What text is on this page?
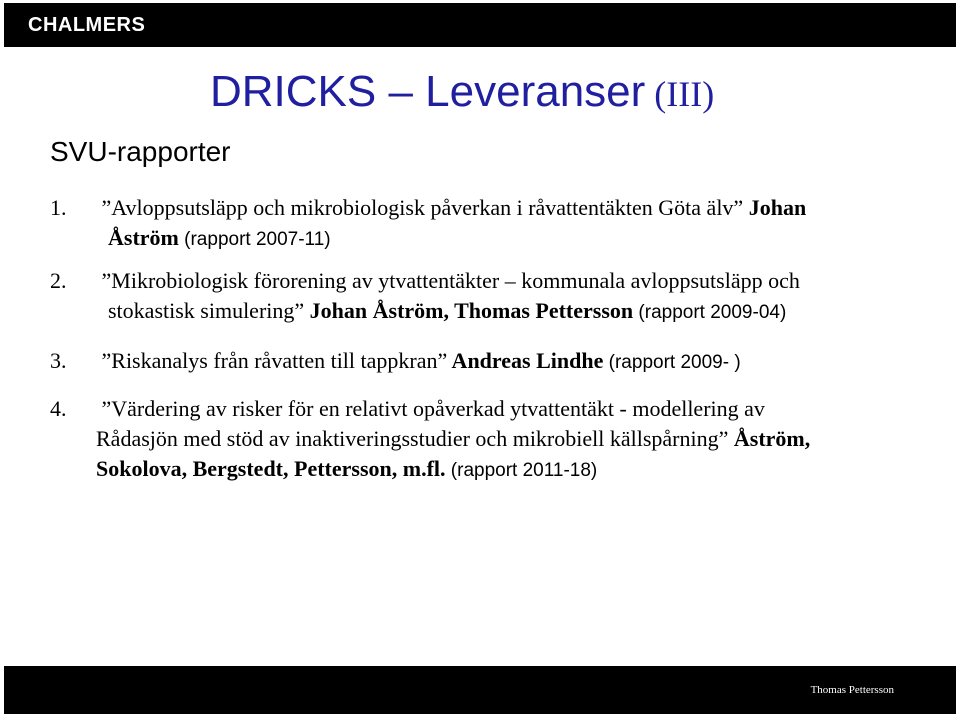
CHALMERS
DRICKS – Leveranser (III)
SVU-rapporter
1. ”Avloppsutsläpp och mikrobiologisk påverkan i råvattentäkten Göta älv” Johan
Åström (rapport 2007-11)
2. ”Mikrobiologisk förorening av ytvattentäkter – kommunala avloppsutsläpp och
stokastisk simulering” Johan Åström, Thomas Pettersson (rapport 2009-04)
3. ”Riskanalys från råvatten till tappkran” Andreas Lindhe (rapport 2009- )
4. ”Värdering av risker för en relativt opåverkad ytvattentäkt - modellering av
Rådasjön med stöd av inaktiveringsstudier och mikrobiell källspårning” Åström,
Sokolova, Bergstedt, Pettersson, m.fl. (rapport 2011-18)
Thomas Pettersson
